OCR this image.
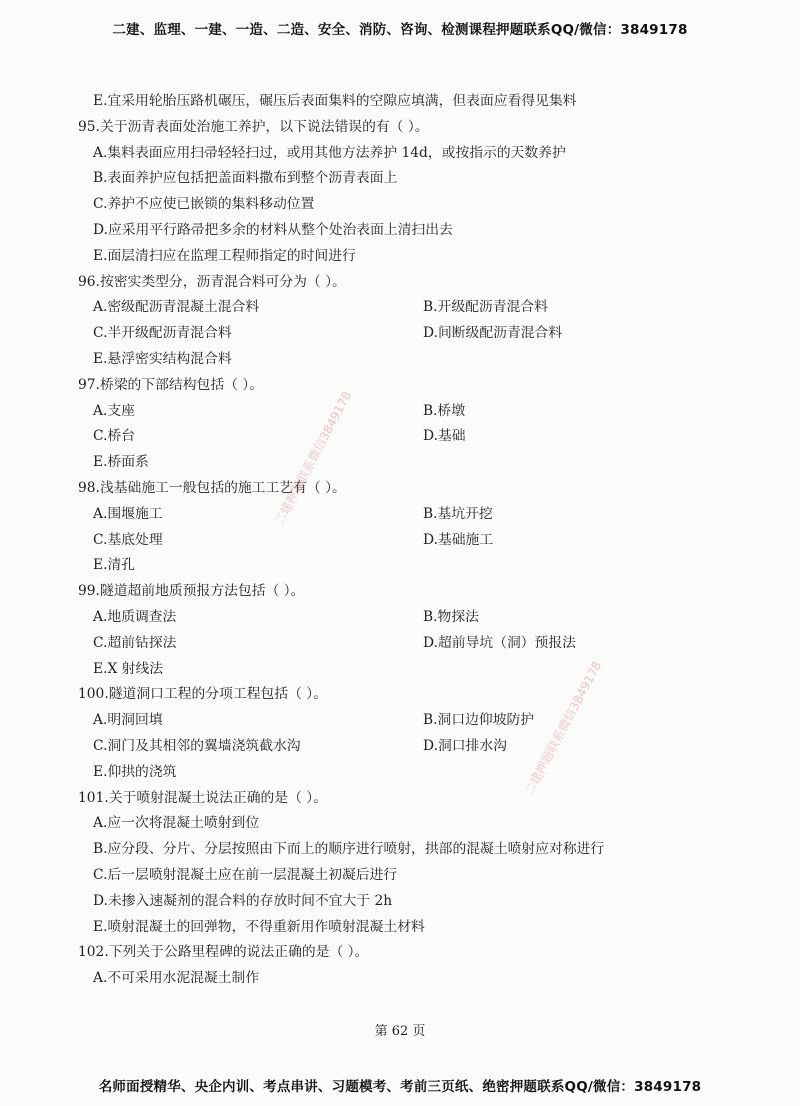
二建、监理、一建、一造、二造、安全、消防、咨询、检测课程押题联系QQ/微信：3849178
E.宜采用轮胎压路机碾压，碾压后表面集料的空隙应填满，但表面应看得见集料
95.关于沥青表面处治施工养护，以下说法错误的有（ ）。
A.集料表面应用扫帚轻轻扫过，或用其他方法养护 14d，或按指示的天数养护
B.表面养护应包括把盖面料撒布到整个沥青表面上
C.养护不应使已嵌锁的集料移动位置
D.应采用平行路帚把多余的材料从整个处治表面上清扫出去
E.面层清扫应在监理工程师指定的时间进行
96.按密实类型分，沥青混合料可分为（ ）。
A.密级配沥青混凝土混合料	B.开级配沥青混合料
C.半开级配沥青混合料	D.间断级配沥青混合料
E.悬浮密实结构混合料
97.桥梁的下部结构包括（ ）。
A.支座	B.桥墩
C.桥台	D.基础
E.桥面系
98.浅基础施工一般包括的施工工艺有（ ）。
A.围堰施工	B.基坑开挖
C.基底处理	D.基础施工
E.清孔
99.隧道超前地质预报方法包括（ ）。
A.地质调查法	B.物探法
C.超前钻探法	D.超前导坑（洞）预报法
E.X 射线法
100.隧道洞口工程的分项工程包括（ ）。
A.明洞回填	B.洞口边仰坡防护
C.洞门及其相邻的翼墙浇筑截水沟	D.洞口排水沟
E.仰拱的浇筑
101.关于喷射混凝土说法正确的是（ ）。
A.应一次将混凝土喷射到位
B.应分段、分片、分层按照由下而上的顺序进行喷射，拱部的混凝土喷射应对称进行
C.后一层喷射混凝土应在前一层混凝土初凝后进行
D.未掺入速凝剂的混合料的存放时间不宜大于 2h
E.喷射混凝土的回弹物，不得重新用作喷射混凝土材料
102.下列关于公路里程碑的说法正确的是（ ）。
A.不可采用水泥混凝土制作
二建押题联系微信3849178
二建押题联系微信3849178
第 62 页
名师面授精华、央企内训、考点串讲、习题模考、考前三页纸、绝密押题联系QQ/微信：3849178
